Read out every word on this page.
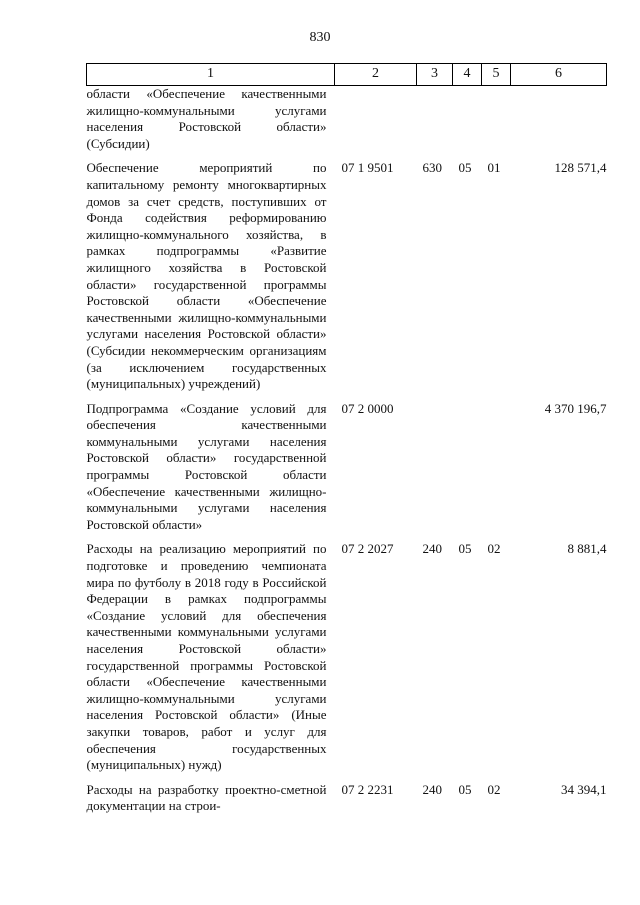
830
1	2	3	4	5	6
области «Обеспечение качественными жилищно-коммунальными услугами населения Ростовской области» (Субсидии)					

Обеспечение мероприятий по капитальному ремонту многоквартирных домов за счет средств, поступивших от Фонда содействия реформированию жилищно-коммунального хозяйства, в рамках подпрограммы «Развитие жилищного хозяйства в Ростовской области» государственной программы Ростовской области «Обеспечение качественными жилищно-коммунальными услугами населения Ростовской области» (Субсидии некоммерческим организациям (за исключением государственных (муниципальных) учреждений)	07 1 9501	630	05	01	128 571,4

Подпрограмма «Создание условий для обеспечения качественными коммунальными услугами населения Ростовской области» государственной программы Ростовской области «Обеспечение качественными жилищно-коммунальными услугами населения Ростовской области»	07 2 0000				4 370 196,7

Расходы на реализацию мероприятий по подготовке и проведению чемпионата мира по футболу в 2018 году в Российской Федерации в рамках подпрограммы «Создание условий для обеспечения качественными коммунальными услугами населения Ростовской области» государственной программы Ростовской области «Обеспечение качественными жилищно-коммунальными услугами населения Ростовской области» (Иные закупки товаров, работ и услуг для обеспечения государственных (муниципальных) нужд)	07 2 2027	240	05	02	8 881,4

Расходы на разработку проектно-сметной документации на строи-	07 2 2231	240	05	02	34 394,1
